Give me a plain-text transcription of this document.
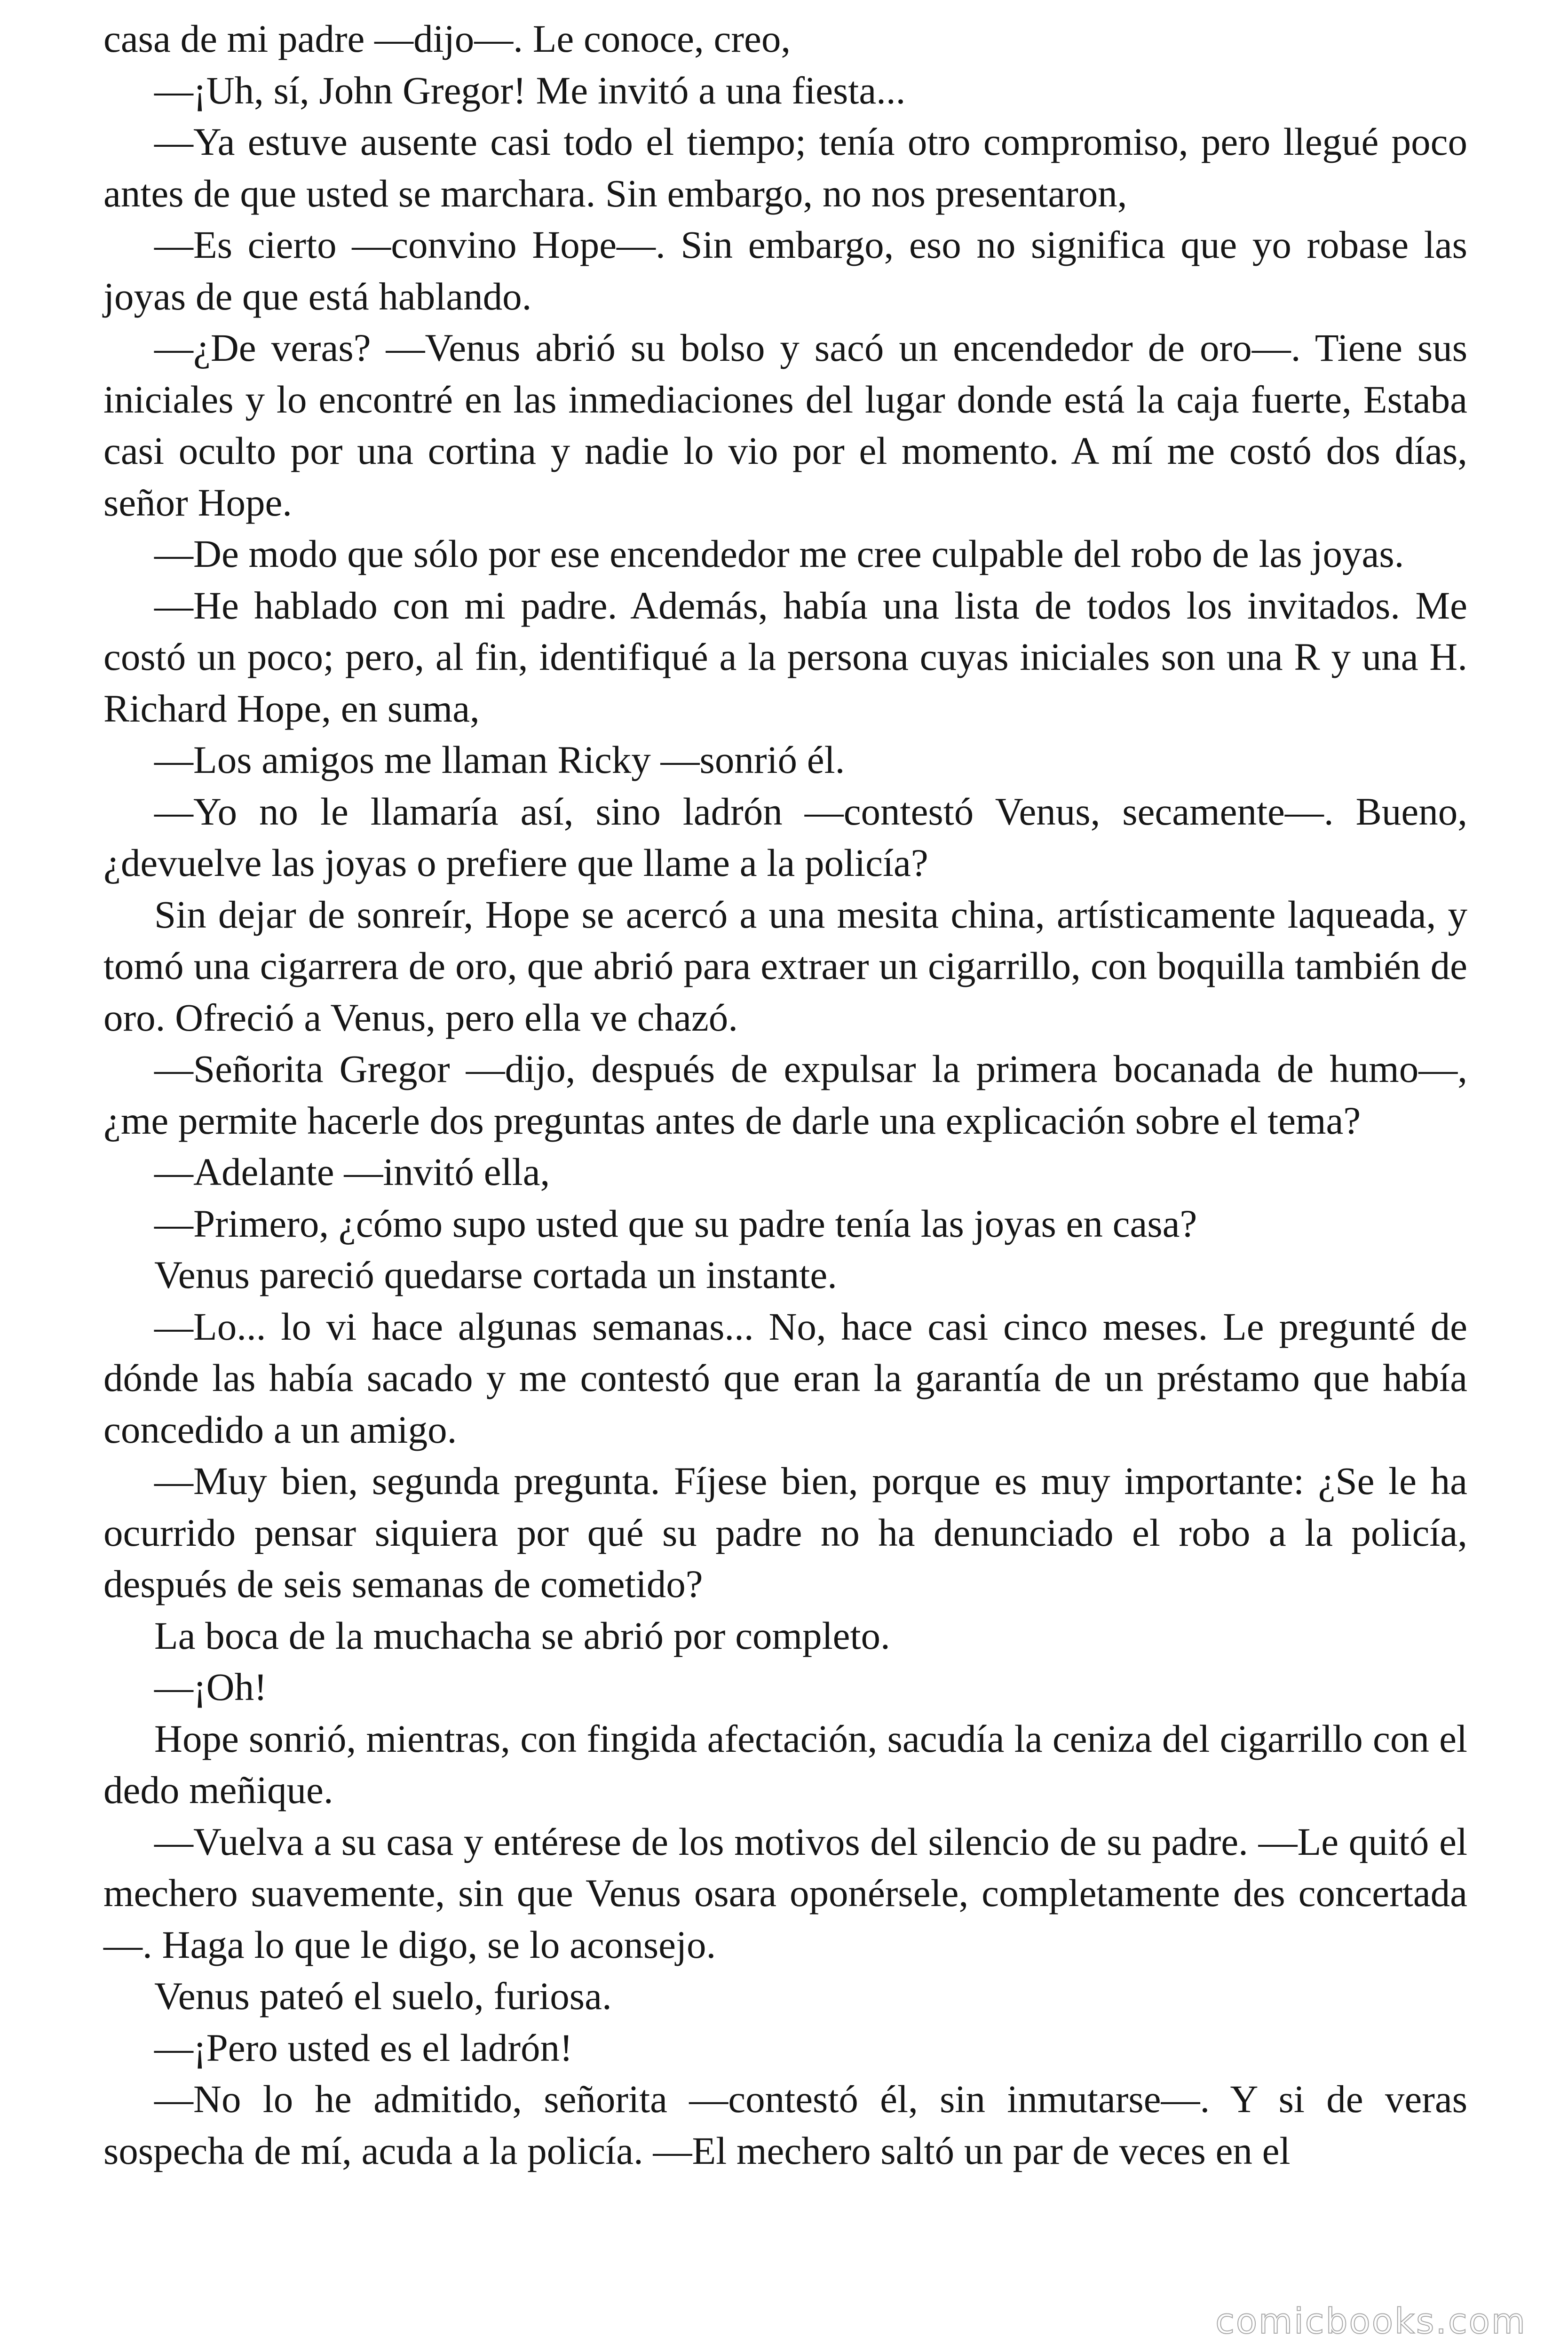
casa de mi padre —dijo—. Le conoce, creo,

—¡Uh, sí, John Gregor! Me invitó a una fiesta...

—Ya estuve ausente casi todo el tiempo; tenía otro compromiso, pero llegué poco antes de que usted se marchara. Sin embargo, no nos presentaron,

—Es cierto —convino Hope—. Sin embargo, eso no significa que yo robase las joyas de que está hablando.

—¿De veras? —Venus abrió su bolso y sacó un encendedor de oro—. Tiene sus iniciales y lo encontré en las inmediaciones del lugar donde está la caja fuerte, Estaba casi oculto por una cortina y nadie lo vio por el momento. A mí me costó dos días, señor Hope.

—De modo que sólo por ese encendedor me cree culpable del robo de las joyas.

—He hablado con mi padre. Además, había una lista de todos los invitados. Me costó un poco; pero, al fin, identifiqué a la persona cuyas iniciales son una R y una H. Richard Hope, en suma,

—Los amigos me llaman Ricky —sonrió él.

—Yo no le llamaría así, sino ladrón —contestó Venus, secamente—. Bueno, ¿devuelve las joyas o prefiere que llame a la policía?

Sin dejar de sonreír, Hope se acercó a una mesita china, artísticamente laqueada, y tomó una cigarrera de oro, que abrió para extraer un cigarrillo, con boquilla también de oro. Ofreció a Venus, pero ella ve chazó.

—Señorita Gregor —dijo, después de expulsar la primera bocanada de humo—, ¿me permite hacerle dos preguntas antes de darle una explicación sobre el tema?

—Adelante —invitó ella,

—Primero, ¿cómo supo usted que su padre tenía las joyas en casa?

Venus pareció quedarse cortada un instante.

—Lo... lo vi hace algunas semanas... No, hace casi cinco meses. Le pregunté de dónde las había sacado y me contestó que eran la garantía de un préstamo que había concedido a un amigo.

—Muy bien, segunda pregunta. Fíjese bien, porque es muy importante: ¿Se le ha ocurrido pensar siquiera por qué su padre no ha denunciado el robo a la policía, después de seis semanas de cometido?

La boca de la muchacha se abrió por completo.

—¡Oh!

Hope sonrió, mientras, con fingida afectación, sacudía la ceniza del cigarrillo con el dedo meñique.

—Vuelva a su casa y entérese de los motivos del silencio de su padre. —Le quitó el mechero suavemente, sin que Venus osara oponérsele, completamente des concertada—. Haga lo que le digo, se lo aconsejo.

Venus pateó el suelo, furiosa.

—¡Pero usted es el ladrón!

—No lo he admitido, señorita —contestó él, sin inmutarse—. Y si de veras sospecha de mí, acuda a la policía. —El mechero saltó un par de veces en el

comicbooks.com
